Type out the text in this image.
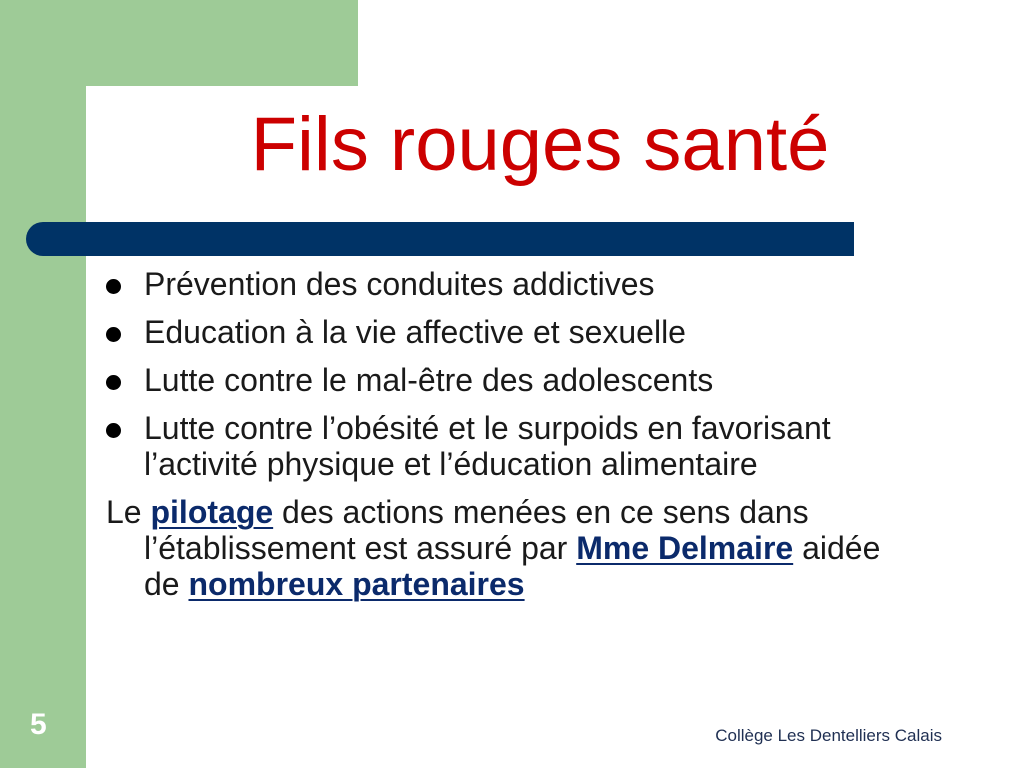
Fils rouges santé
Prévention des conduites addictives
Education à la vie affective et sexuelle
Lutte contre le mal-être des adolescents
Lutte contre l’obésité et le surpoids en favorisant l’activité physique et l’éducation alimentaire
Le pilotage des actions menées en ce sens dans l’établissement est assuré par Mme Delmaire aidée de nombreux partenaires
5	Collège Les Dentelliers Calais
